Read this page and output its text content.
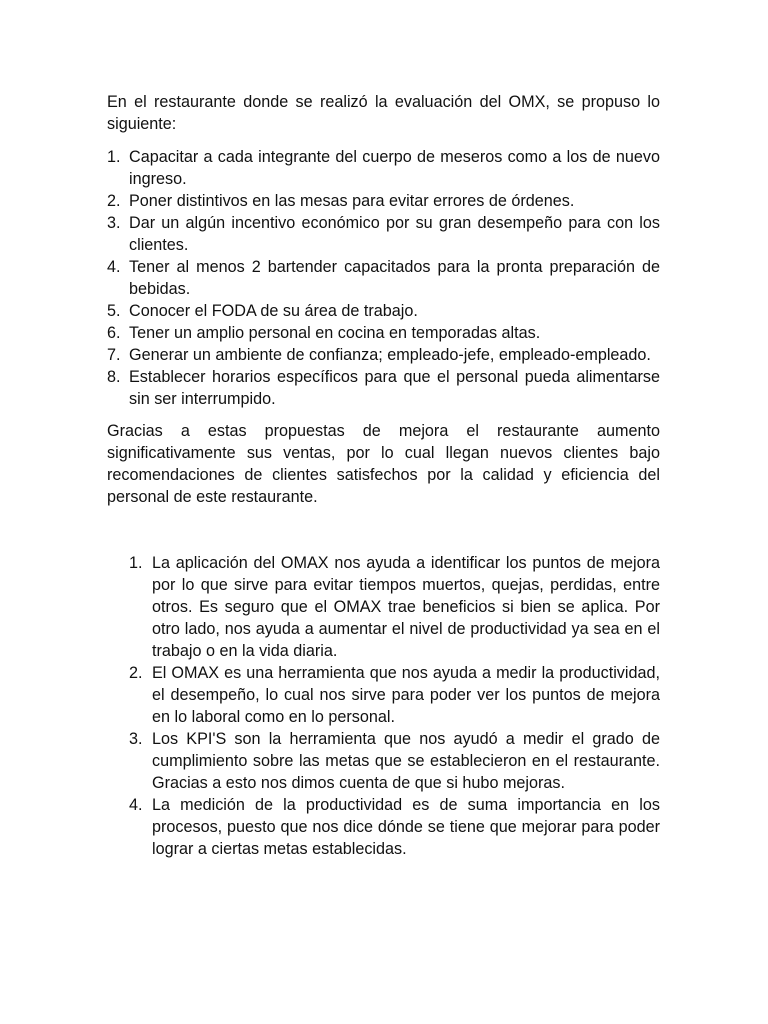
En el restaurante donde se realizó la evaluación del OMX, se propuso lo siguiente:

1. Capacitar a cada integrante del cuerpo de meseros como a los de nuevo ingreso.
2. Poner distintivos en las mesas para evitar errores de órdenes.
3. Dar un algún incentivo económico por su gran desempeño para con los clientes.
4. Tener al menos 2 bartender capacitados para la pronta preparación de bebidas.
5. Conocer el FODA de su área de trabajo.
6. Tener un amplio personal en cocina en temporadas altas.
7. Generar un ambiente de confianza; empleado-jefe, empleado-empleado.
8. Establecer horarios específicos para que el personal pueda alimentarse sin ser interrumpido.

Gracias a estas propuestas de mejora el restaurante aumento significativamente sus ventas, por lo cual llegan nuevos clientes bajo recomendaciones de clientes satisfechos por la calidad y eficiencia del personal de este restaurante.

1. La aplicación del OMAX nos ayuda a identificar los puntos de mejora por lo que sirve para evitar tiempos muertos, quejas, perdidas, entre otros. Es seguro que el OMAX trae beneficios si bien se aplica. Por otro lado, nos ayuda a aumentar el nivel de productividad ya sea en el trabajo o en la vida diaria.
2. El OMAX es una herramienta que nos ayuda a medir la productividad, el desempeño, lo cual nos sirve para poder ver los puntos de mejora en lo laboral como en lo personal.
3. Los KPI'S son la herramienta que nos ayudó a medir el grado de cumplimiento sobre las metas que se establecieron en el restaurante. Gracias a esto nos dimos cuenta de que si hubo mejoras.
4. La medición de la productividad es de suma importancia en los procesos, puesto que nos dice dónde se tiene que mejorar para poder lograr a ciertas metas establecidas.
